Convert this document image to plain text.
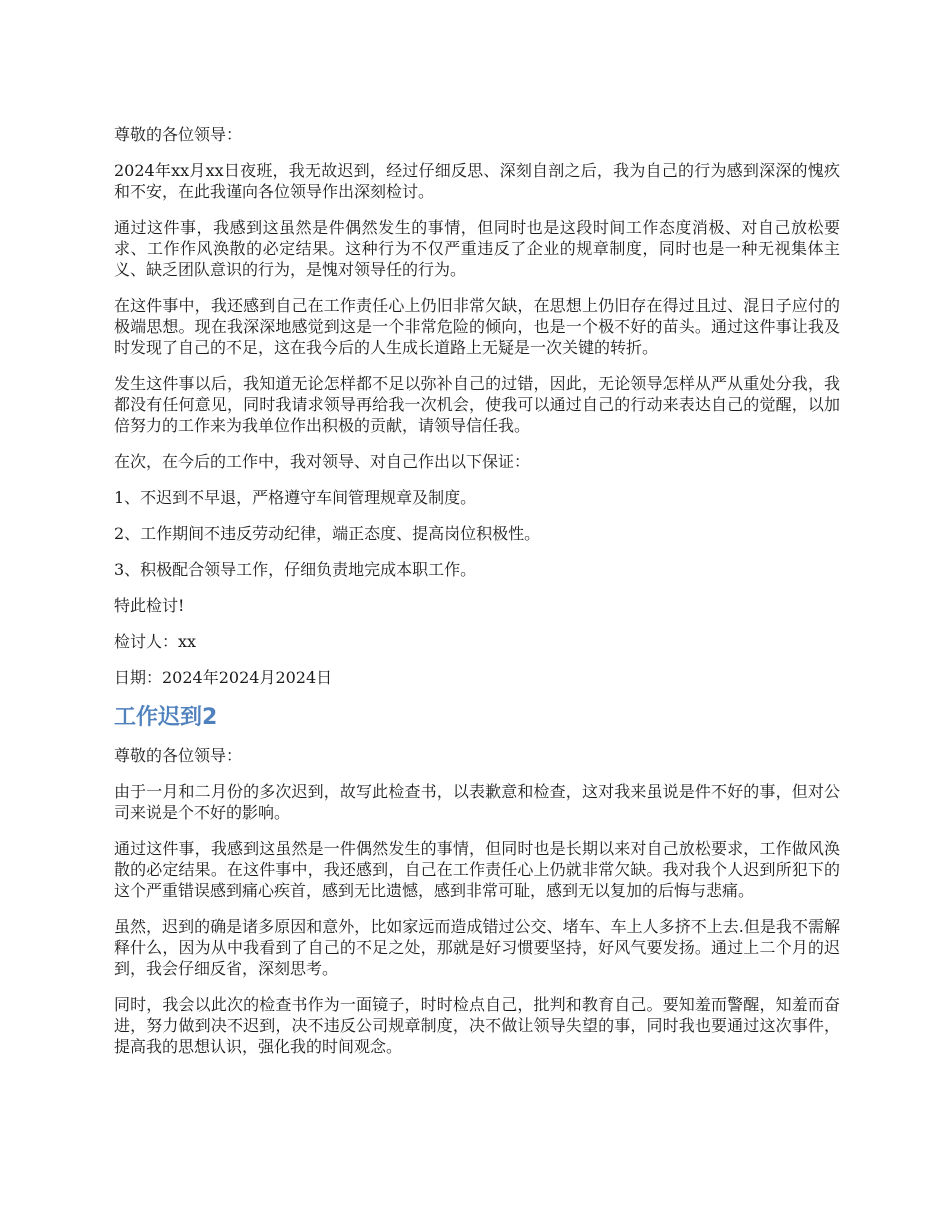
尊敬的各位领导：

2024年xx月xx日夜班，我无故迟到，经过仔细反思、深刻自剖之后，我为自己的行为感到深深的愧疚和不安，在此我谨向各位领导作出深刻检讨。

通过这件事，我感到这虽然是件偶然发生的事情，但同时也是这段时间工作态度消极、对自己放松要求、工作作风涣散的必定结果。这种行为不仅严重违反了企业的规章制度，同时也是一种无视集体主义、缺乏团队意识的行为，是愧对领导任的行为。

在这件事中，我还感到自己在工作责任心上仍旧非常欠缺，在思想上仍旧存在得过且过、混日子应付的极端思想。现在我深深地感觉到这是一个非常危险的倾向，也是一个极不好的苗头。通过这件事让我及时发现了自己的不足，这在我今后的人生成长道路上无疑是一次关键的转折。

发生这件事以后，我知道无论怎样都不足以弥补自己的过错，因此，无论领导怎样从严从重处分我，我都没有任何意见，同时我请求领导再给我一次机会，使我可以通过自己的行动来表达自己的觉醒，以加倍努力的工作来为我单位作出积极的贡献，请领导信任我。

在次，在今后的工作中，我对领导、对自己作出以下保证：

1、不迟到不早退，严格遵守车间管理规章及制度。

2、工作期间不违反劳动纪律，端正态度、提高岗位积极性。

3、积极配合领导工作，仔细负责地完成本职工作。

特此检讨!

检讨人：xx

日期：2024年2024月2024日

工作迟到2

尊敬的各位领导：

由于一月和二月份的多次迟到，故写此检查书，以表歉意和检查，这对我来虽说是件不好的事，但对公司来说是个不好的影响。

通过这件事，我感到这虽然是一件偶然发生的事情，但同时也是长期以来对自己放松要求，工作做风涣散的必定结果。在这件事中，我还感到，自己在工作责任心上仍就非常欠缺。我对我个人迟到所犯下的这个严重错误感到痛心疾首，感到无比遗憾，感到非常可耻，感到无以复加的后悔与悲痛。

虽然，迟到的确是诸多原因和意外，比如家远而造成错过公交、堵车、车上人多挤不上去.但是我不需解释什么，因为从中我看到了自己的不足之处，那就是好习惯要坚持，好风气要发扬。通过上二个月的迟到，我会仔细反省，深刻思考。

同时，我会以此次的检查书作为一面镜子，时时检点自己，批判和教育自己。要知羞而警醒，知羞而奋进，努力做到决不迟到，决不违反公司规章制度，决不做让领导失望的事，同时我也要通过这次事件，提高我的思想认识，强化我的时间观念。
